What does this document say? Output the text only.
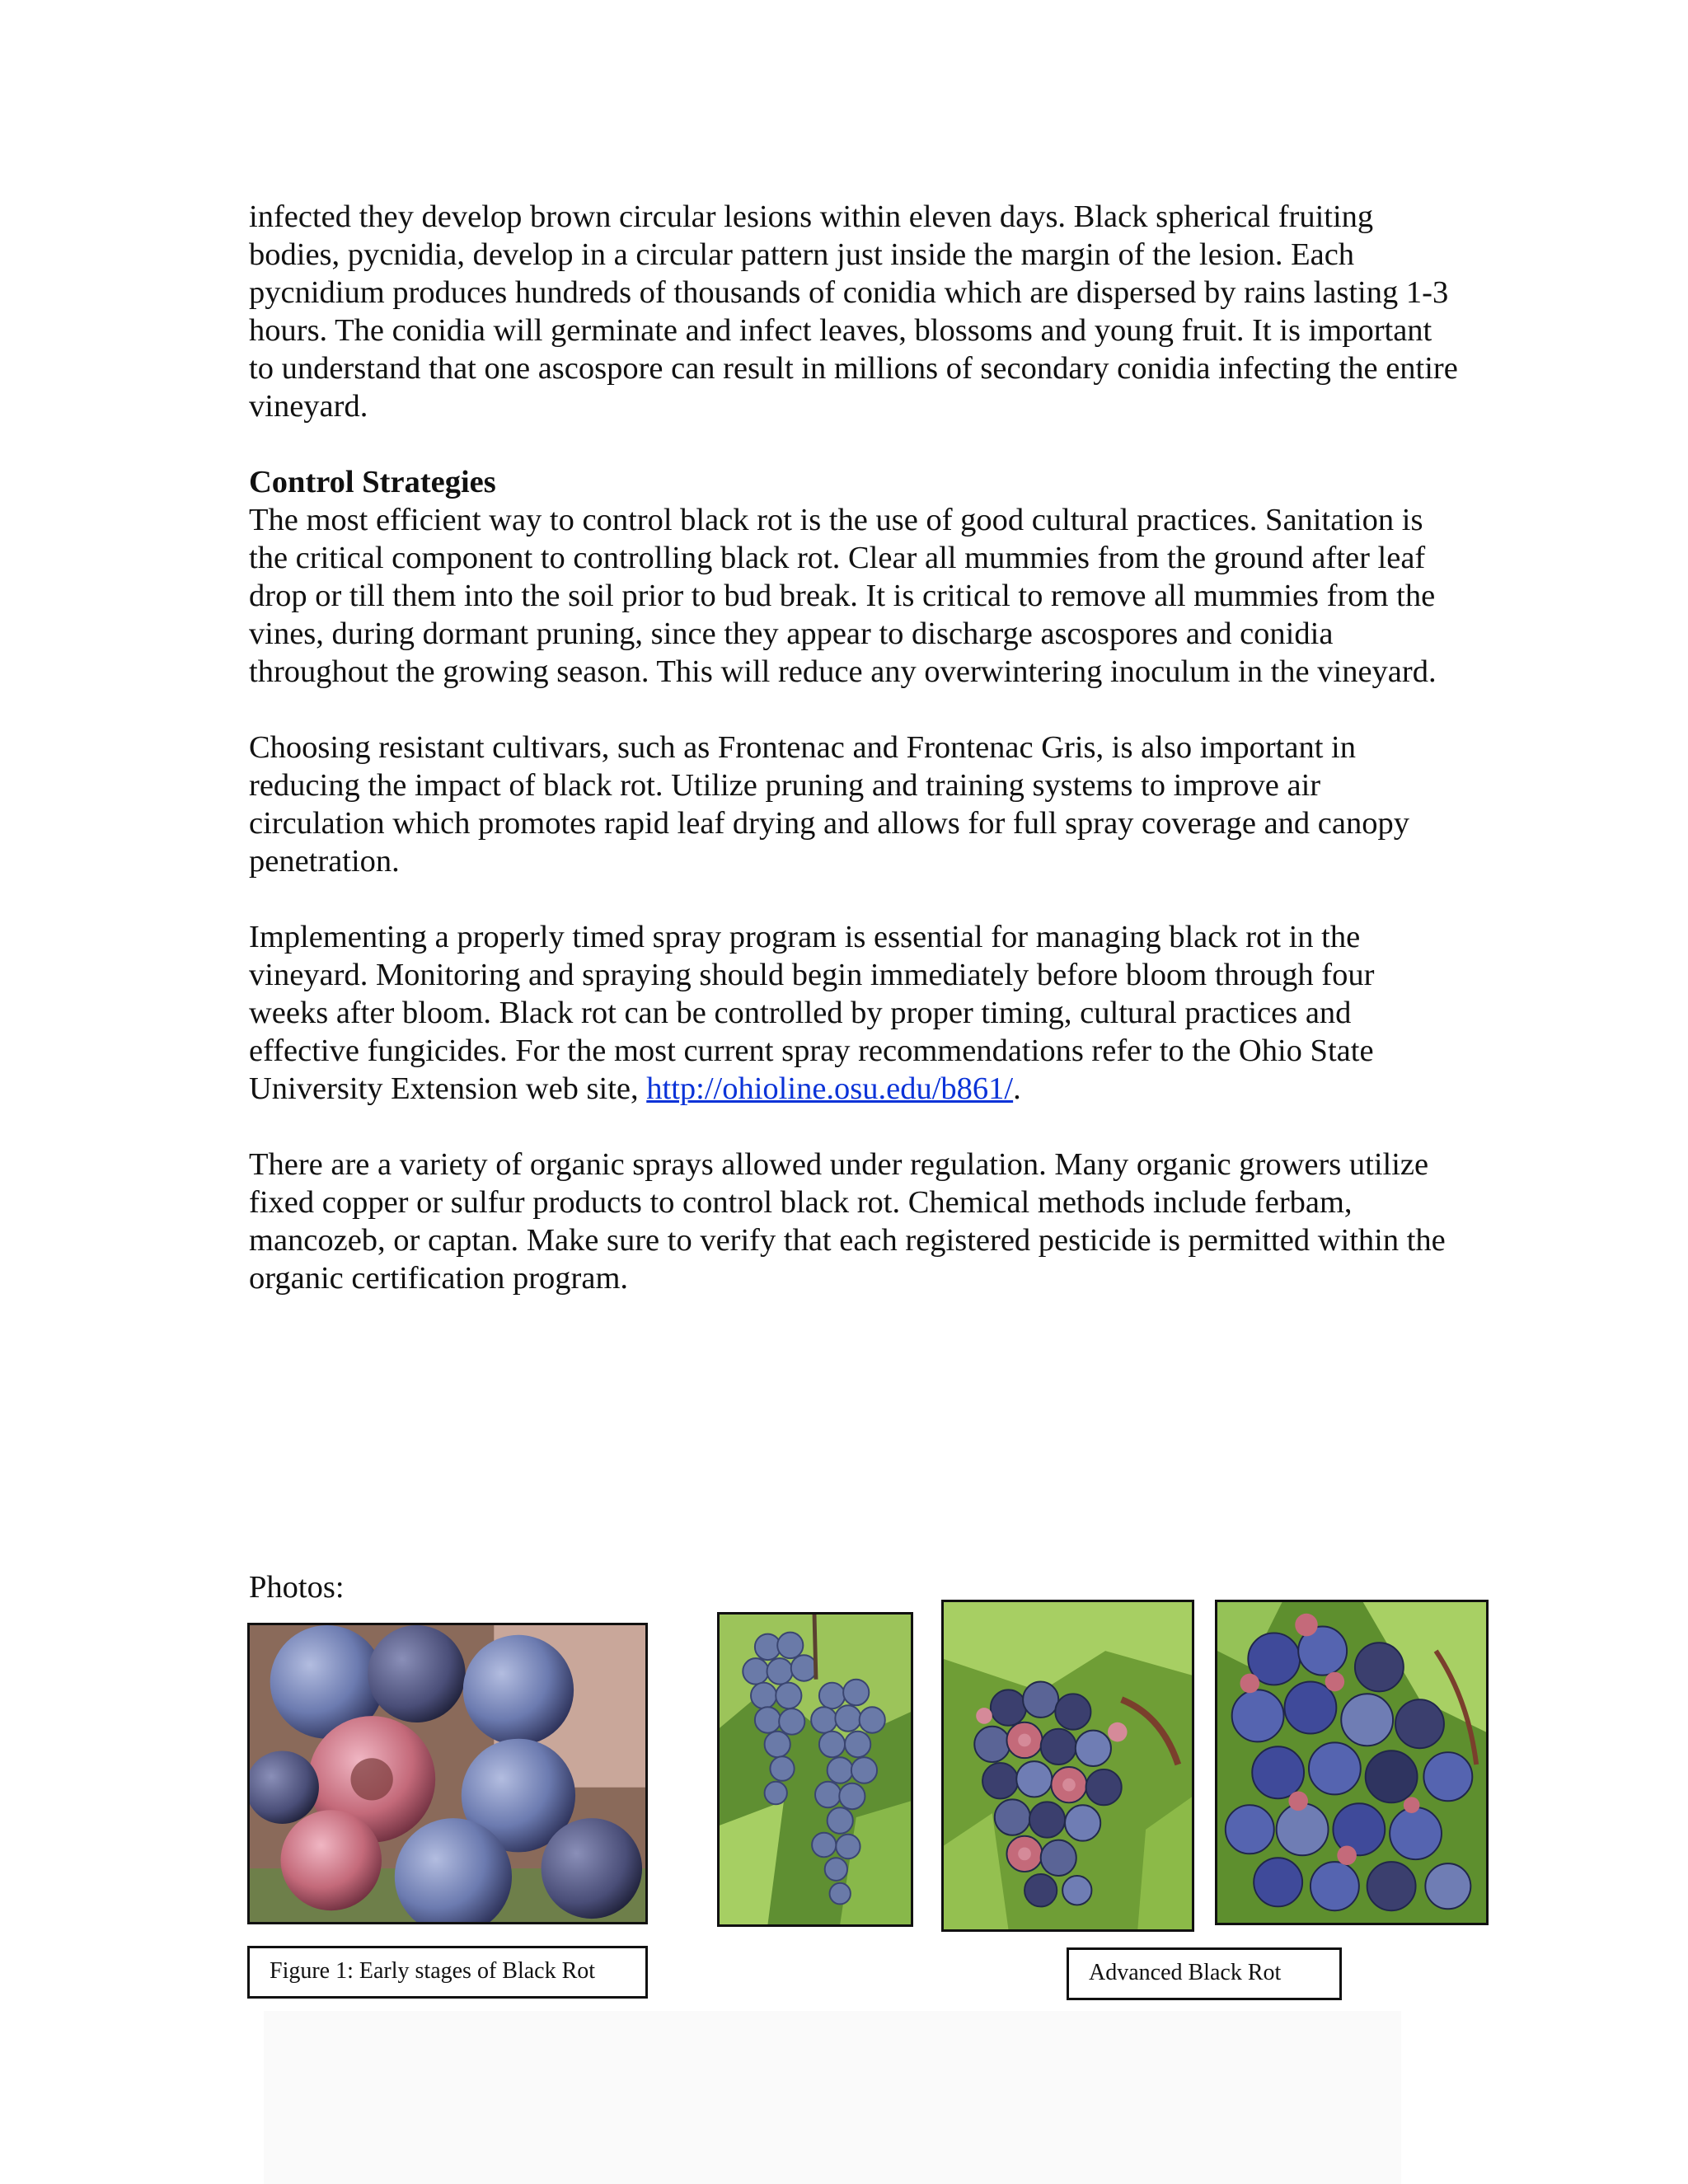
infected they develop brown circular lesions within eleven days. Black spherical fruiting bodies, pycnidia, develop in a circular pattern just inside the margin of the lesion. Each pycnidium produces hundreds of thousands of conidia which are dispersed by rains lasting 1-3 hours. The conidia will germinate and infect leaves, blossoms and young fruit. It is important to understand that one ascospore can result in millions of secondary conidia infecting the entire vineyard.

Control Strategies

The most efficient way to control black rot is the use of good cultural practices. Sanitation is the critical component to controlling black rot. Clear all mummies from the ground after leaf drop or till them into the soil prior to bud break. It is critical to remove all mummies from the vines, during dormant pruning, since they appear to discharge ascospores and conidia throughout the growing season. This will reduce any overwintering inoculum in the vineyard.

Choosing resistant cultivars, such as Frontenac and Frontenac Gris, is also important in reducing the impact of black rot. Utilize pruning and training systems to improve air circulation which promotes rapid leaf drying and allows for full spray coverage and canopy penetration.

Implementing a properly timed spray program is essential for managing black rot in the vineyard. Monitoring and spraying should begin immediately before bloom through four weeks after bloom. Black rot can be controlled by proper timing, cultural practices and effective fungicides. For the most current spray recommendations refer to the Ohio State University Extension web site, http://ohioline.osu.edu/b861/.

There are a variety of organic sprays allowed under regulation. Many organic growers utilize fixed copper or sulfur products to control black rot. Chemical methods include ferbam, mancozeb, or captan. Make sure to verify that each registered pesticide is permitted within the organic certification program.

Photos:
Figure 1: Early stages of Black Rot	Advanced Black Rot
